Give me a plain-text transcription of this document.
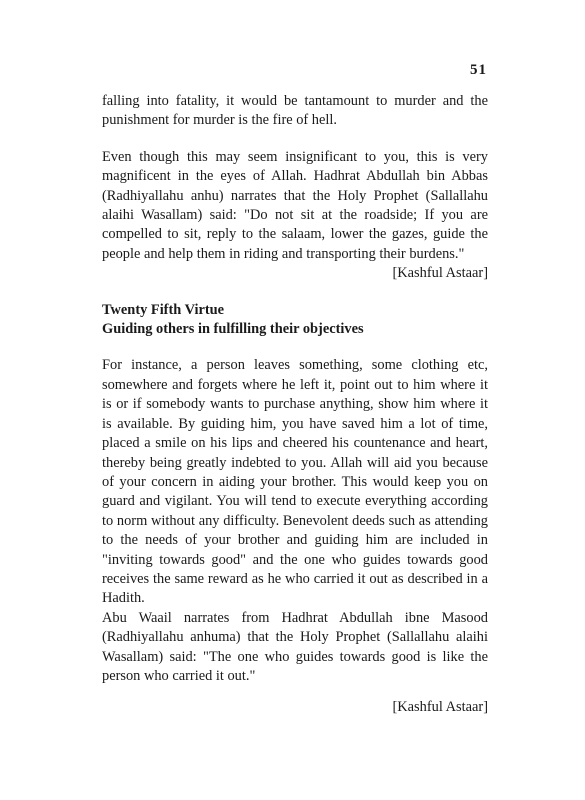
51

falling into fatality, it would be tantamount to murder and the punishment for murder is the fire of hell.

Even though this may seem insignificant to you, this is very magnificent in the eyes of Allah. Hadhrat Abdullah bin Abbas (Radhiyallahu anhu) narrates that the Holy Prophet (Sallallahu alaihi Wasallam) said: "Do not sit at the roadside; If you are compelled to sit, reply to the salaam, lower the gazes, guide the people and help them in riding and transporting their burdens."

[Kashful Astaar]

Twenty Fifth Virtue

Guiding others in fulfilling their objectives

For instance, a person leaves something, some clothing etc, somewhere and forgets where he left it, point out to him where it is or if somebody wants to purchase anything, show him where it is available. By guiding him, you have saved him a lot of time, placed a smile on his lips and cheered his countenance and heart, thereby being greatly indebted to you. Allah will aid you because of your concern in aiding your brother. This would keep you on guard and vigilant. You will tend to execute everything according to norm without any difficulty. Benevolent deeds such as attending to the needs of your brother and guiding him are included in "inviting towards good" and the one who guides towards good receives the same reward as he who carried it out as described in a Hadith.

Abu Waail narrates from Hadhrat Abdullah ibne Masood (Radhiyallahu anhuma) that the Holy Prophet (Sallallahu alaihi Wasallam) said: "The one who guides towards good is like the person who carried it out."

[Kashful Astaar]
